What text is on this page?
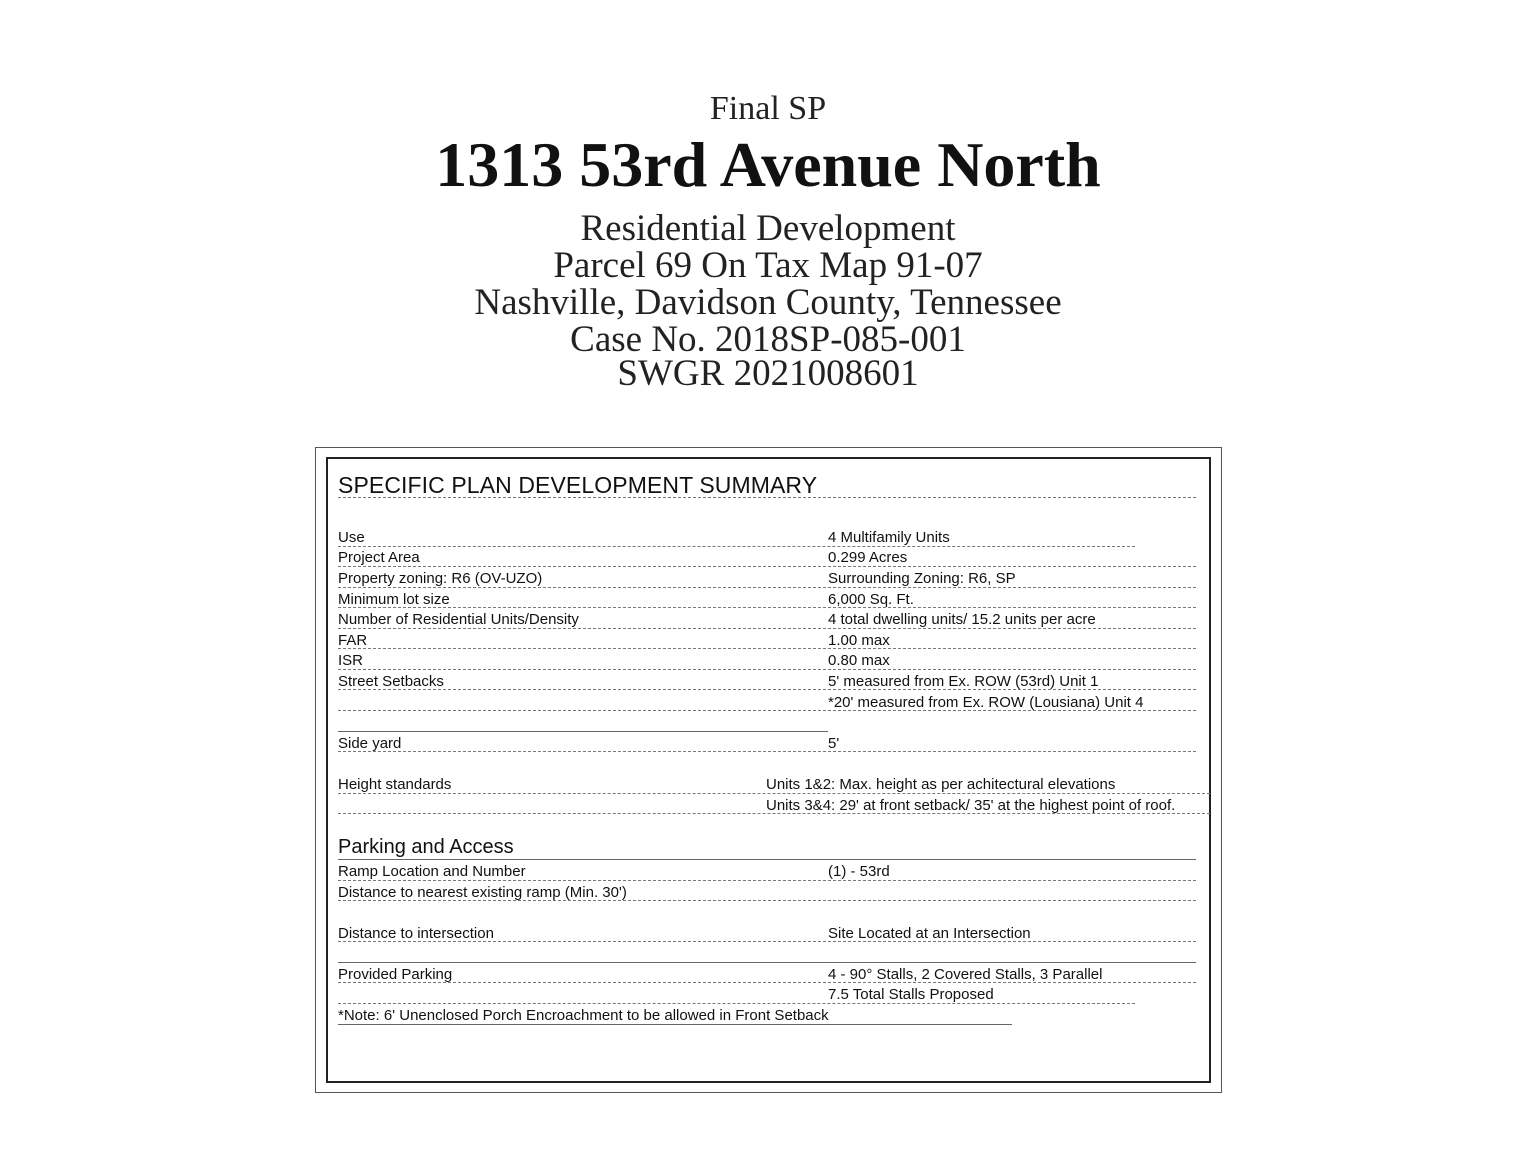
Final SP
1313 53rd Avenue North
Residential Development
Parcel 69 On Tax Map 91-07
Nashville, Davidson County, Tennessee
Case No. 2018SP-085-001
SWGR 2021008601
SPECIFIC PLAN DEVELOPMENT SUMMARY
Use	4 Multifamily Units
Project Area	0.299 Acres
Property zoning: R6 (OV-UZO)	Surrounding Zoning: R6, SP
Minimum lot size	6,000 Sq. Ft.
Number of Residential Units/Density	4 total dwelling units/ 15.2 units per acre
FAR	1.00 max
ISR	0.80 max
Street Setbacks	5' measured from Ex. ROW (53rd) Unit 1
*20' measured from Ex. ROW (Lousiana) Unit 4
Side yard	5'
Height standards	Units 1&2: Max. height as per achitectural elevations
Units 3&4: 29' at front setback/ 35' at the highest point of roof.
Parking and Access
Ramp Location and Number	(1) - 53rd
Distance to nearest existing ramp (Min. 30')
Distance to intersection	Site Located at an Intersection
Provided Parking	4 - 90° Stalls, 2 Covered Stalls, 3 Parallel
7.5 Total Stalls Proposed
*Note: 6' Unenclosed Porch Encroachment to be allowed in Front Setback
